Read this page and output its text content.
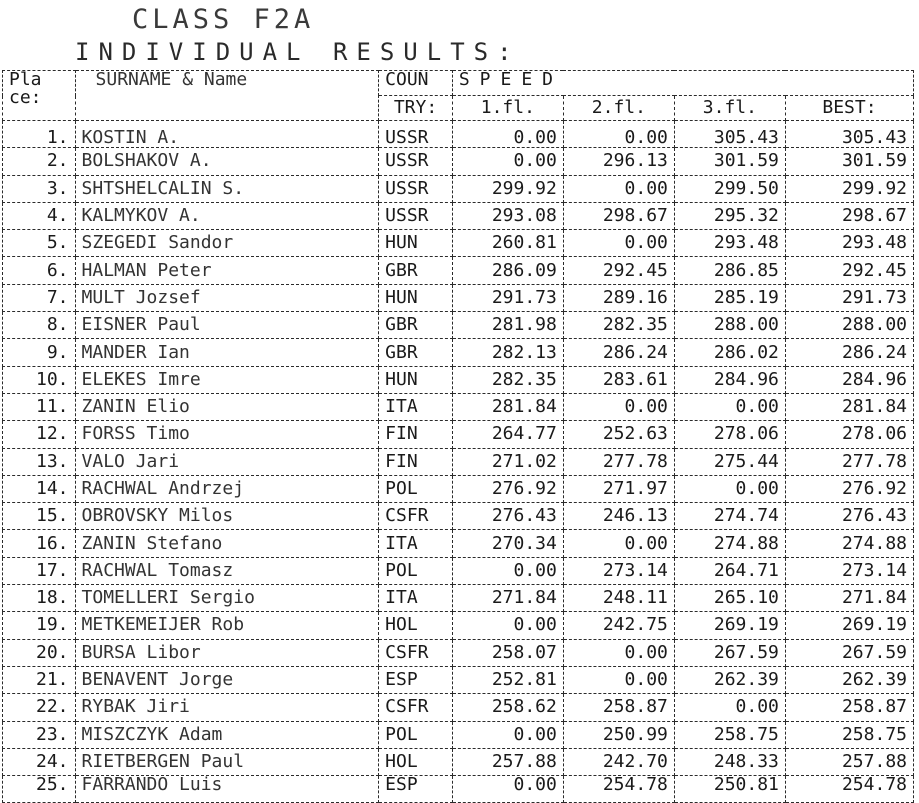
CLASS F2A
INDIVIDUAL RESULTS:
Pla
ce:	SURNAME & Name	COUN	SPEED			
		TRY:	1.fl.	2.fl.	3.fl.	BEST:
1.	KOSTIN A.	USSR	0.00	0.00	305.43	305.43
2.	BOLSHAKOV A.	USSR	0.00	296.13	301.59	301.59
3.	SHTSHELCALIN S.	USSR	299.92	0.00	299.50	299.92
4.	KALMYKOV A.	USSR	293.08	298.67	295.32	298.67
5.	SZEGEDI Sandor	HUN	260.81	0.00	293.48	293.48
6.	HALMAN Peter	GBR	286.09	292.45	286.85	292.45
7.	MULT Jozsef	HUN	291.73	289.16	285.19	291.73
8.	EISNER Paul	GBR	281.98	282.35	288.00	288.00
9.	MANDER Ian	GBR	282.13	286.24	286.02	286.24
10.	ELEKES Imre	HUN	282.35	283.61	284.96	284.96
11.	ZANIN Elio	ITA	281.84	0.00	0.00	281.84
12.	FORSS Timo	FIN	264.77	252.63	278.06	278.06
13.	VALO Jari	FIN	271.02	277.78	275.44	277.78
14.	RACHWAL Andrzej	POL	276.92	271.97	0.00	276.92
15.	OBROVSKY Milos	CSFR	276.43	246.13	274.74	276.43
16.	ZANIN Stefano	ITA	270.34	0.00	274.88	274.88
17.	RACHWAL Tomasz	POL	0.00	273.14	264.71	273.14
18.	TOMELLERI Sergio	ITA	271.84	248.11	265.10	271.84
19.	METKEMEIJER Rob	HOL	0.00	242.75	269.19	269.19
20.	BURSA Libor	CSFR	258.07	0.00	267.59	267.59
21.	BENAVENT Jorge	ESP	252.81	0.00	262.39	262.39
22.	RYBAK Jiri	CSFR	258.62	258.87	0.00	258.87
23.	MISZCZYK Adam	POL	0.00	250.99	258.75	258.75
24.	RIETBERGEN Paul	HOL	257.88	242.70	248.33	257.88
25.	FARRANDO Luis	ESP	0.00	254.78	250.81	254.78
